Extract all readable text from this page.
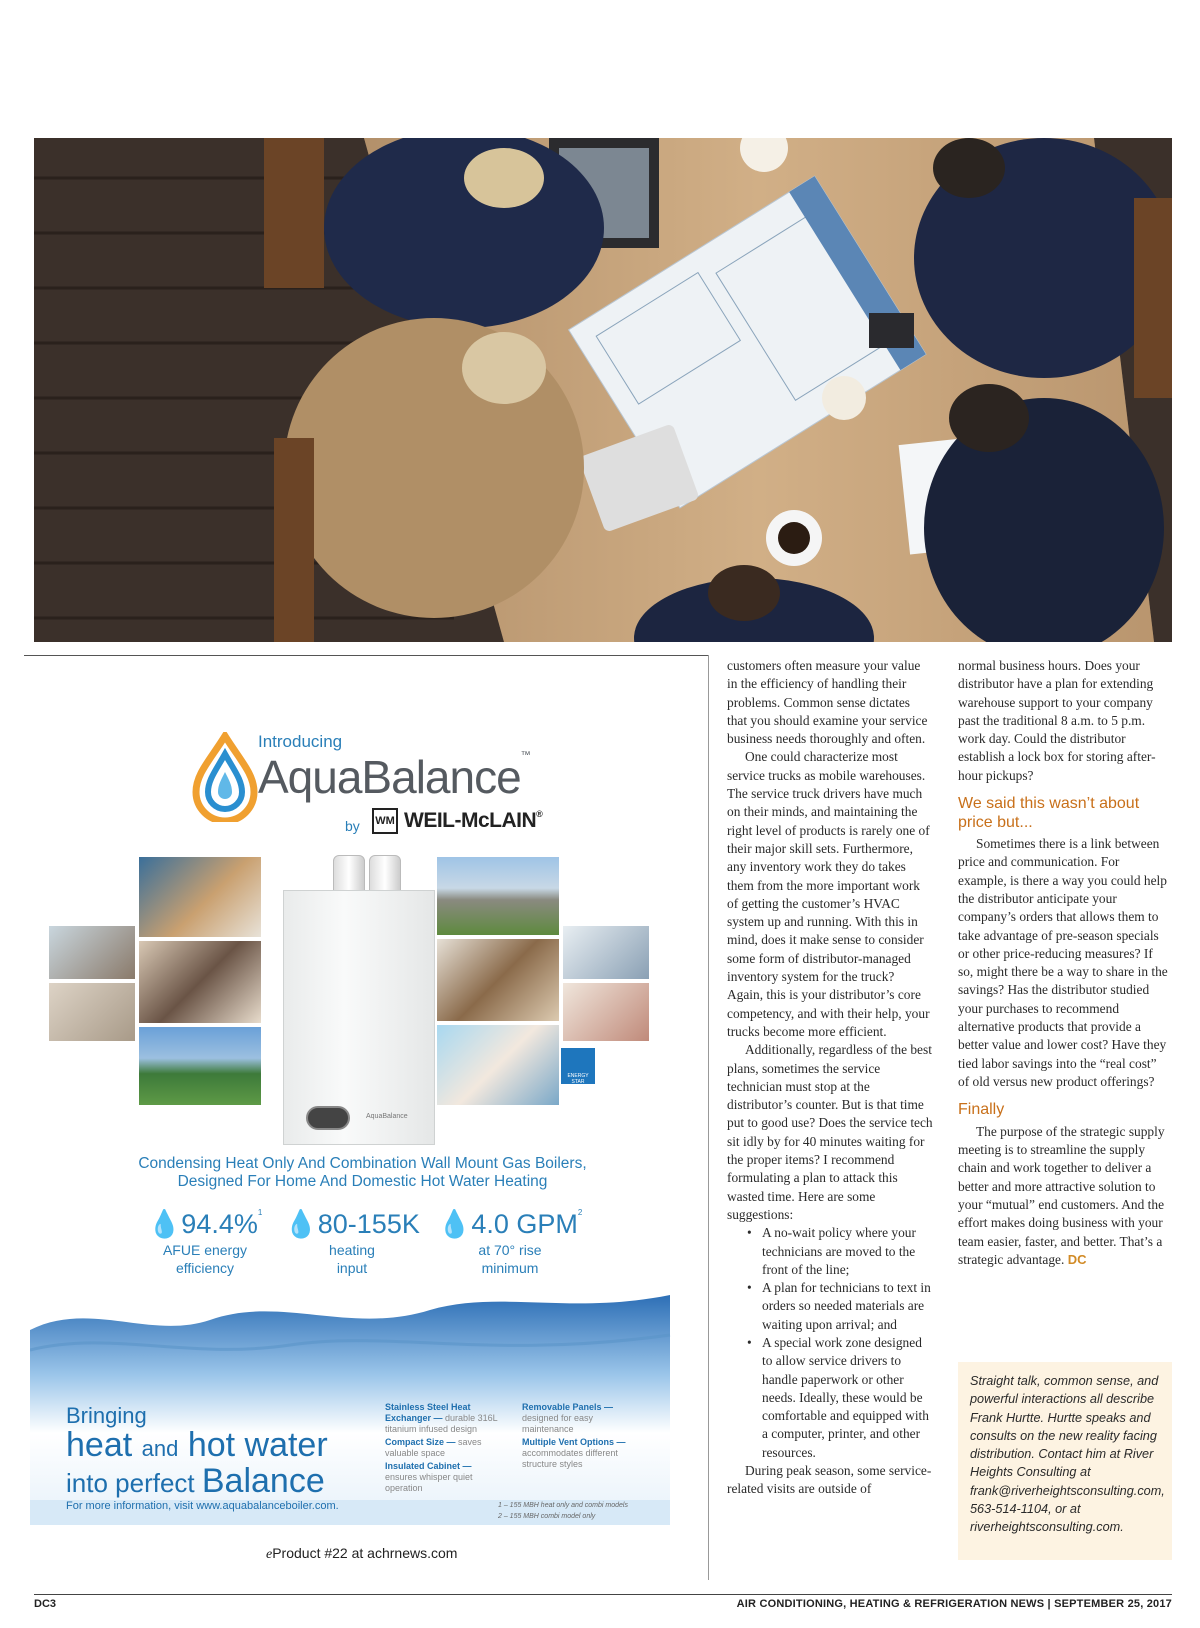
Introducing
AquaBalance™
by WM WEIL-McLAIN®
AquaBalance
ENERGY STAR
Condensing Heat Only And Combination Wall Mount Gas Boilers,
Designed For Home And Domestic Hot Water Heating
💧94.4%$^1$
AFUE energy
efficiency
💧80-155K
heating
input
💧4.0 GPM$^2$
at 70° rise
minimum
Bringing
heat and hot water
into perfect Balance
For more information, visit www.aquabalanceboiler.com.
Stainless Steel Heat Exchanger — durable 316L titanium infused design
Compact Size — saves valuable space
Insulated Cabinet — ensures whisper quiet operation
Removable Panels — designed for easy maintenance
Multiple Vent Options — accommodates different structure styles
1 – 155 MBH heat only and combi models
2 – 155 MBH combi model only
eProduct #22 at achrnews.com

customers often measure your value in the efficiency of handling their problems. Common sense dictates that you should examine your service business needs thoroughly and often.

One could characterize most service trucks as mobile warehouses. The service truck drivers have much on their minds, and maintaining the right level of products is rarely one of their major skill sets. Furthermore, any inventory work they do takes them from the more important work of getting the customer’s HVAC system up and running. With this in mind, does it make sense to consider some form of distributor-managed inventory system for the truck? Again, this is your distributor’s core competency, and with their help, your trucks become more efficient.

Additionally, regardless of the best plans, sometimes the service technician must stop at the distributor’s counter. But is that time put to good use? Does the service tech sit idly by for 40 minutes waiting for the proper items? I recommend formulating a plan to attack this wasted time. Here are some suggestions:

• A no-wait policy where your technicians are moved to the front of the line;
• A plan for technicians to text in orders so needed materials are waiting upon arrival; and
• A special work zone designed to allow service drivers to handle paperwork or other needs. Ideally, these would be comfortable and equipped with a computer, printer, and other resources.

During peak season, some service-related visits are outside of

normal business hours. Does your distributor have a plan for extending warehouse support to your company past the traditional 8 a.m. to 5 p.m. work day. Could the distributor establish a lock box for storing after-hour pickups?

We said this wasn’t about price but...

Sometimes there is a link between price and communication. For example, is there a way you could help the distributor anticipate your company’s orders that allows them to take advantage of pre-season specials or other price-reducing measures? If so, might there be a way to share in the savings? Has the distributor studied your purchases to recommend alternative products that provide a better value and lower cost? Have they tied labor savings into the “real cost” of old versus new product offerings?

Finally

The purpose of the strategic supply meeting is to streamline the supply chain and work together to deliver a better and more attractive solution to your “mutual” end customers. And the effort makes doing business with your team easier, faster, and better. That’s a strategic advantage. DC

Straight talk, common sense, and powerful interactions all describe Frank Hurtte. Hurtte speaks and consults on the new reality facing distribution. Contact him at River Heights Consulting at frank@riverheightsconsulting.com, 563-514-1104, or at riverheightsconsulting.com.
DC3	AIR CONDITIONING, HEATING & REFRIGERATION NEWS | SEPTEMBER 25, 2017
